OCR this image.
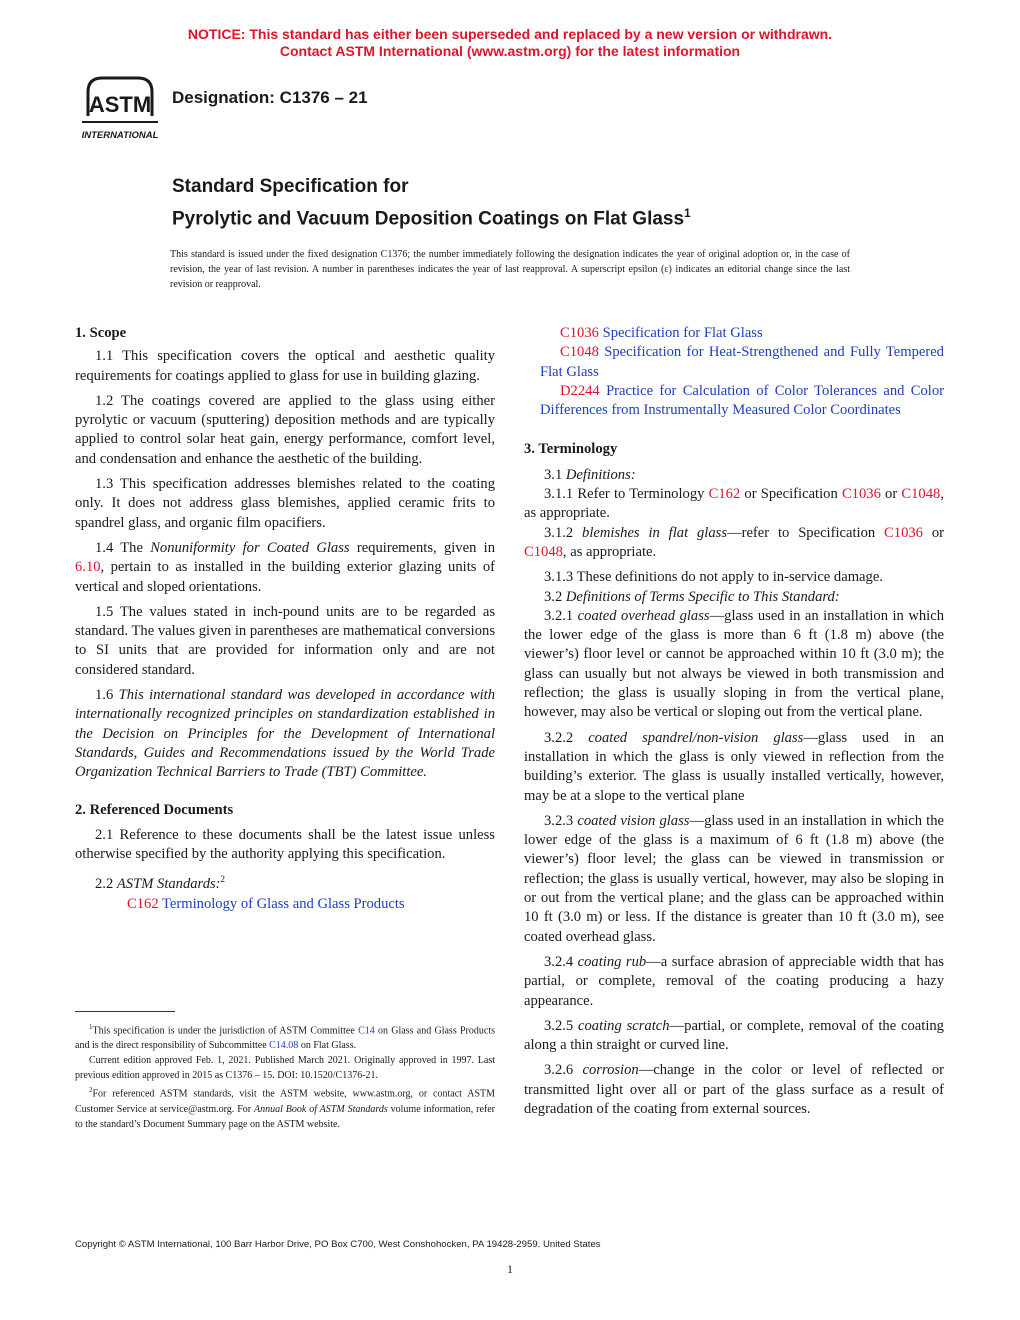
NOTICE: This standard has either been superseded and replaced by a new version or withdrawn.
Contact ASTM International (www.astm.org) for the latest information
ASTM
INTERNATIONAL
Designation: C1376 – 21
Standard Specification for
Pyrolytic and Vacuum Deposition Coatings on Flat Glass$^1$
This standard is issued under the fixed designation C1376; the number immediately following the designation indicates the year of original adoption or, in the case of revision, the year of last revision. A number in parentheses indicates the year of last reapproval. A superscript epsilon (ε) indicates an editorial change since the last revision or reapproval.
1. Scope

1.1 This specification covers the optical and aesthetic quality requirements for coatings applied to glass for use in building glazing.

1.2 The coatings covered are applied to the glass using either pyrolytic or vacuum (sputtering) deposition methods and are typically applied to control solar heat gain, energy performance, comfort level, and condensation and enhance the aesthetic of the building.

1.3 This specification addresses blemishes related to the coating only. It does not address glass blemishes, applied ceramic frits to spandrel glass, and organic film opacifiers.

1.4 The Nonuniformity for Coated Glass requirements, given in 6.10, pertain to as installed in the building exterior glazing units of vertical and sloped orientations.

1.5 The values stated in inch-pound units are to be regarded as standard. The values given in parentheses are mathematical conversions to SI units that are provided for information only and are not considered standard.

1.6 This international standard was developed in accordance with internationally recognized principles on standardization established in the Decision on Principles for the Development of International Standards, Guides and Recommendations issued by the World Trade Organization Technical Barriers to Trade (TBT) Committee.

2. Referenced Documents

2.1 Reference to these documents shall be the latest issue unless otherwise specified by the authority applying this specification.

2.2 ASTM Standards:$^2$

C162 Terminology of Glass and Glass Products

$^1$This specification is under the jurisdiction of ASTM Committee C14 on Glass and Glass Products and is the direct responsibility of Subcommittee C14.08 on Flat Glass.

Current edition approved Feb. 1, 2021. Published March 2021. Originally approved in 1997. Last previous edition approved in 2015 as C1376 – 15. DOI: 10.1520/C1376-21.

$^2$For referenced ASTM standards, visit the ASTM website, www.astm.org, or contact ASTM Customer Service at service@astm.org. For Annual Book of ASTM Standards volume information, refer to the standard’s Document Summary page on the ASTM website.

C1036 Specification for Flat Glass

C1048 Specification for Heat-Strengthened and Fully Tempered Flat Glass

D2244 Practice for Calculation of Color Tolerances and Color Differences from Instrumentally Measured Color Coordinates

3. Terminology

3.1 Definitions:

3.1.1 Refer to Terminology C162 or Specification C1036 or C1048, as appropriate.

3.1.2 blemishes in flat glass—refer to Specification C1036 or C1048, as appropriate.

3.1.3 These definitions do not apply to in-service damage.

3.2 Definitions of Terms Specific to This Standard:

3.2.1 coated overhead glass—glass used in an installation in which the lower edge of the glass is more than 6 ft (1.8 m) above (the viewer’s) floor level or cannot be approached within 10 ft (3.0 m); the glass can usually but not always be viewed in both transmission and reflection; the glass is usually sloping in from the vertical plane, however, may also be vertical or sloping out from the vertical plane.

3.2.2 coated spandrel/non-vision glass—glass used in an installation in which the glass is only viewed in reflection from the building’s exterior. The glass is usually installed vertically, however, may be at a slope to the vertical plane

3.2.3 coated vision glass—glass used in an installation in which the lower edge of the glass is a maximum of 6 ft (1.8 m) above (the viewer’s) floor level; the glass can be viewed in transmission or reflection; the glass is usually vertical, however, may also be sloping in or out from the vertical plane; and the glass can be approached within 10 ft (3.0 m) or less. If the distance is greater than 10 ft (3.0 m), see coated overhead glass.

3.2.4 coating rub—a surface abrasion of appreciable width that has partial, or complete, removal of the coating producing a hazy appearance.

3.2.5 coating scratch—partial, or complete, removal of the coating along a thin straight or curved line.

3.2.6 corrosion—change in the color or level of reflected or transmitted light over all or part of the glass surface as a result of degradation of the coating from external sources.

Copyright © ASTM International, 100 Barr Harbor Drive, PO Box C700, West Conshohocken, PA 19428-2959. United States
1
